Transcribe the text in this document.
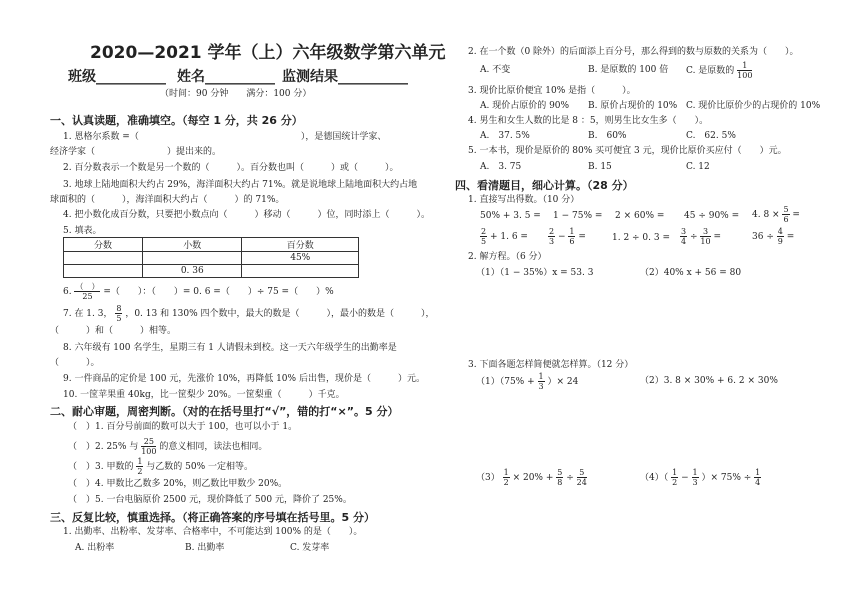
2020—2021 学年（上）六年级数学第六单元
班级__________ 姓名__________ 监测结果__________
（时间：90 分钟　　满分：100 分）
一、认真读题，准确填空。（每空 1 分，共 26 分）
1. 恩格尔系数 =（　　　　　　　　　　　　　　　　　　），是德国统计学家、
经济学家（　　　　　　　　）提出来的。
2. 百分数表示一个数是另一个数的（　　　）。百分数也叫（　　　）或（　　　）。
3. 地球上陆地面积大约占 29%，海洋面积大约占 71%。就是说地球上陆地面积大约占地
球面积的（　　　），海洋面积大约占（　　　）的 71%。
4. 把小数化成百分数，只要把小数点向（　　　）移动（　　　）位，同时添上（　　　）。
5. 填表。
分数	小数	百分数
		45%
	0. 36	
6. $\frac{( )}{25}$ =（　　）：（　　）= 0. 6 =（　　）÷ 75 =（　　）%
7. 在 1. 3， $\frac{8}{5}$ ，0. 13 和 130% 四个数中，最大的数是（　　　），最小的数是（　　　），
（　　　）和（　　　）相等。
8. 六年级有 100 名学生，星期三有 1 人请假未到校。这一天六年级学生的出勤率是
（　　　）。
9. 一件商品的定价是 100 元，先涨价 10%，再降低 10% 后出售，现价是（　　　）元。
10. 一筐苹果重 40kg，比一筐梨少 20%。一筐梨重（　　　）千克。
二、耐心审题，周密判断。（对的在括号里打“√”，错的打“×”。5 分）
（　）1. 百分号前面的数可以大于 100，也可以小于 1。
（　）2. 25% 与 $\frac{25}{100}$ 的意义相同，读法也相同。
（　）3. 甲数的 $\frac{1}{2}$ 与乙数的 50% 一定相等。
（　）4. 甲数比乙数多 20%，则乙数比甲数少 20%。
（　）5. 一台电脑原价 2500 元，现价降低了 500 元，降价了 25%。
三、反复比较，慎重选择。（将正确答案的序号填在括号里。5 分）
1. 出勤率、出粉率、发芽率、合格率中，不可能达到 100% 的是（　　）。
A. 出粉率	B. 出勤率	C. 发芽率
2. 在一个数（0 除外）的后面添上百分号，那么得到的数与原数的关系为（　　）。
A. 不变	B. 是原数的 100 倍 C. 是原数的 $\frac{1}{100}$
3. 现价比原价便宜 10% 是指（　　　）。
A. 现价占原价的 90% B. 原价占现价的 10% C. 现价比原价少的占现价的 10%
4. 男生和女生人数的比是 8 ：5，则男生比女生多（　　）。
A.　37. 5%	B.　60%	C.　62. 5%
5. 一本书，现价是原价的 80% 买可便宜 3 元，现价比原价买应付（　　）元。
A.　3. 75	B. 15	C. 12
四、看清题目，细心计算。（28 分）
1. 直接写出得数。（10 分）
50% + 3. 5 = 1 − 75% = 2 × 60% = 45 ÷ 90% = 4. $8 \times \frac{5}{6}$ =
$\frac{2}{5} + 1$. 6 =	$\frac{2}{3} - \frac{1}{6}$ =	1. 2 ÷ 0. $3 = \frac{3}{4} \div \frac{3}{10}$ =	$36 \div \frac{4}{9}$ =
2. 解方程。（6 分）
（1）（1 − 35%）x = 53. 3	（2）40% x + 56 = 80
3. 下面各题怎样简便就怎样算。（12 分）
$(1)(75\% + \frac{1}{3}$ ）× 24	（2）3. 8 × 30% + 6. 2 × 30%
$(3) \frac{1}{2} \times 20\% + \frac{5}{8} \div \frac{5}{24}$	$(4)( \frac{1}{2} - \frac{1}{3}$ ）× $75\% \div \frac{1}{4}$
